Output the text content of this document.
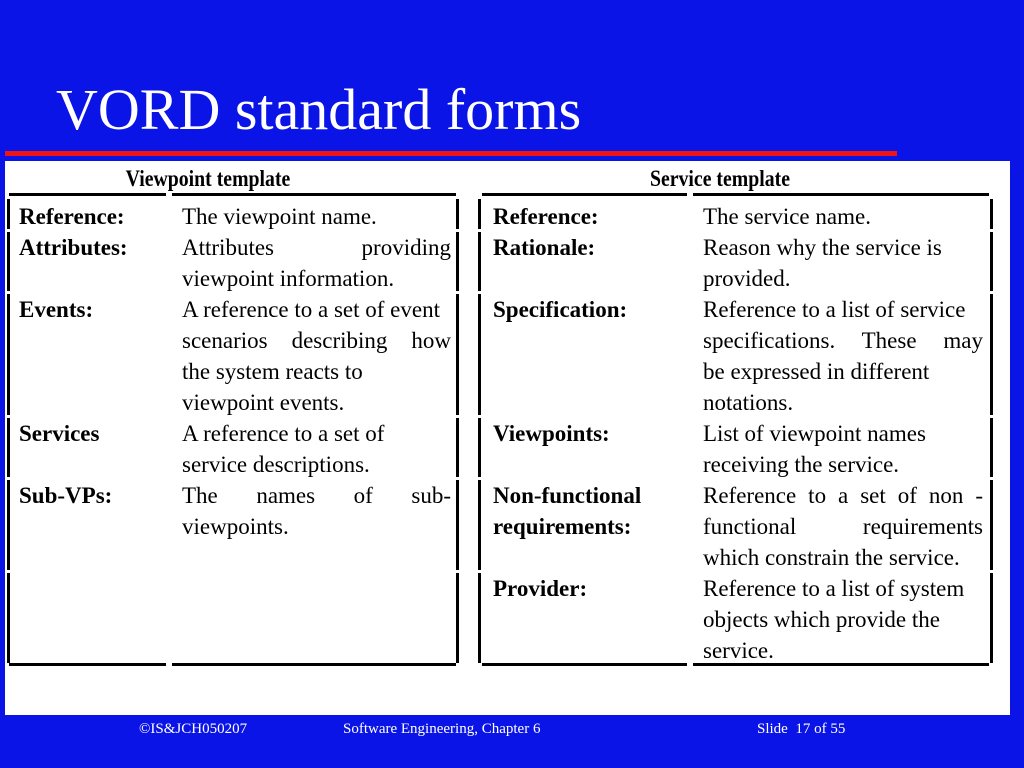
VORD standard forms
Viewpoint template	Service template
Reference: The viewpoint name.
Attributes: Attributes providing
viewpoint information.
Events:	A reference to a set of event
scenarios describing how
the system reacts to
viewpoint events.
Services	A reference to a set of
service descriptions.
Sub-VPs:	The names of sub-
viewpoints.
Reference:	The service name.
Rationale:	Reason why the service is
provided.
Specification:	Reference to a list of service
specifications. These may
be expressed in different
notations.
Viewpoints:	List of viewpoint names
receiving the service.
Non-functional
requirements:
Reference to a set of non -
functional requirements
which constrain the service.
Provider:	Reference to a list of system
objects which provide the
service.
©IS&JCH050207	Software Engineering, Chapter 6	Slide  17 of 55
